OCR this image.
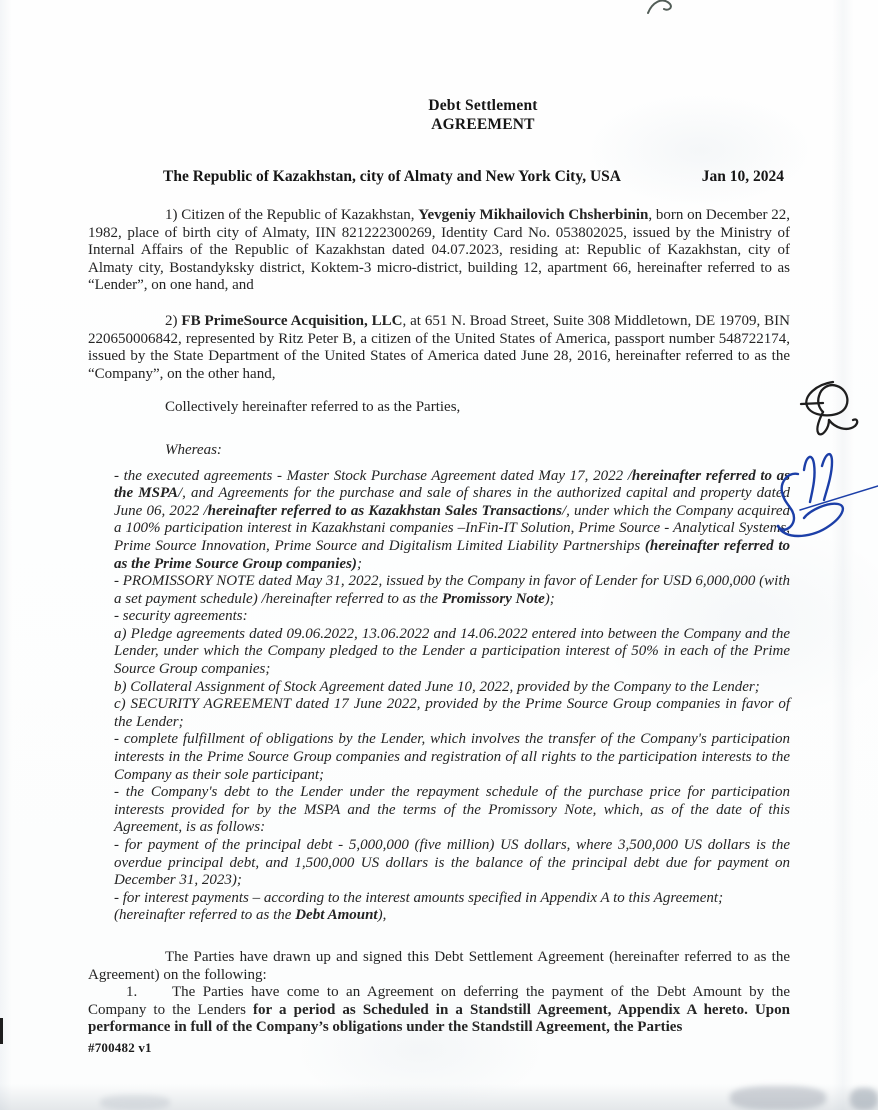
Debt Settlement
AGREEMENT
The Republic of Kazakhstan, city of Almaty and New York City, USA	Jan 10, 2024

1) Citizen of the Republic of Kazakhstan, Yevgeniy Mikhailovich Chsherbinin, born on December 22, 1982, place of birth city of Almaty, IIN 821222300269, Identity Card No. 053802025, issued by the Ministry of Internal Affairs of the Republic of Kazakhstan dated 04.07.2023, residing at: Republic of Kazakhstan, city of Almaty city, Bostandyksky district, Koktem-3 micro-district, building 12, apartment 66, hereinafter referred to as “Lender”, on one hand, and

2) FB PrimeSource Acquisition, LLC, at 651 N. Broad Street, Suite 308 Middletown, DE 19709, BIN 220650006842, represented by Ritz Peter B, a citizen of the United States of America, passport number 548722174, issued by the State Department of the United States of America dated June 28, 2016, hereinafter referred to as the “Company”, on the other hand,

Collectively hereinafter referred to as the Parties,

Whereas:

- the executed agreements - Master Stock Purchase Agreement dated May 17, 2022 /hereinafter referred to as the MSPA/, and Agreements for the purchase and sale of shares in the authorized capital and property dated June 06, 2022 /hereinafter referred to as Kazakhstan Sales Transactions/, under which the Company acquired a 100% participation interest in Kazakhstani companies –InFin-IT Solution, Prime Source - Analytical Systems, Prime Source Innovation, Prime Source and Digitalism Limited Liability Partnerships (hereinafter referred to as the Prime Source Group companies);

- PROMISSORY NOTE dated May 31, 2022, issued by the Company in favor of Lender for USD 6,000,000 (with a set payment schedule) /hereinafter referred to as the Promissory Note);

- security agreements:

a) Pledge agreements dated 09.06.2022, 13.06.2022 and 14.06.2022 entered into between the Company and the Lender, under which the Company pledged to the Lender a participation interest of 50% in each of the Prime Source Group companies;

b) Collateral Assignment of Stock Agreement dated June 10, 2022, provided by the Company to the Lender;

c) SECURITY AGREEMENT dated 17 June 2022, provided by the Prime Source Group companies in favor of the Lender;

- complete fulfillment of obligations by the Lender, which involves the transfer of the Company's participation interests in the Prime Source Group companies and registration of all rights to the participation interests to the Company as their sole participant;

- the Company's debt to the Lender under the repayment schedule of the purchase price for participation interests provided for by the MSPA and the terms of the Promissory Note, which, as of the date of this Agreement, is as follows:

- for payment of the principal debt - 5,000,000 (five million) US dollars, where 3,500,000 US dollars is the overdue principal debt, and 1,500,000 US dollars is the balance of the principal debt due for payment on December 31, 2023);

- for interest payments – according to the interest amounts specified in Appendix A to this Agreement;

(hereinafter referred to as the Debt Amount),

The Parties have drawn up and signed this Debt Settlement Agreement (hereinafter referred to as the Agreement) on the following:

1. The Parties have come to an Agreement on deferring the payment of the Debt Amount by the Company to the Lenders for a period as Scheduled in a Standstill Agreement, Appendix A hereto. Upon performance in full of the Company’s obligations under the Standstill Agreement, the Parties

#700482 v1
